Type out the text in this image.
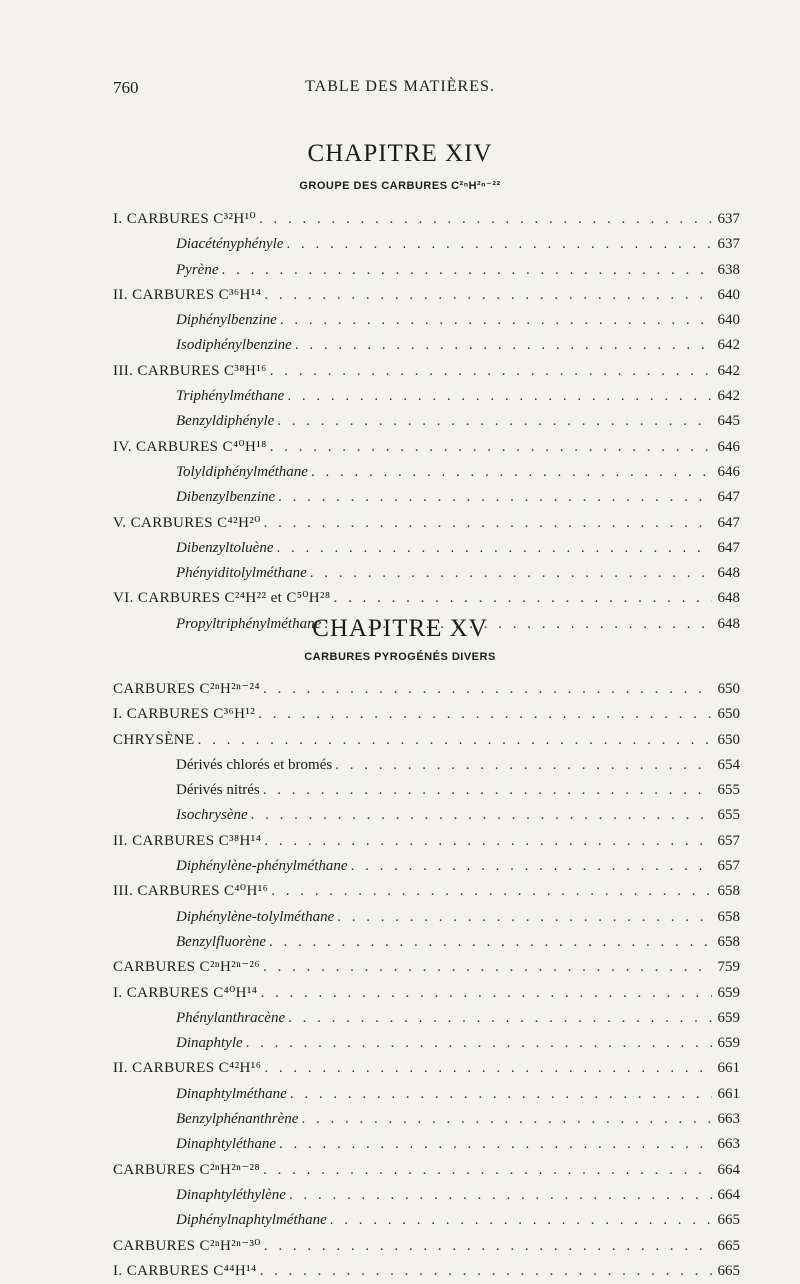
760	TABLE DES MATIÈRES.
CHAPITRE XIV
GROUPE DES CARBURES C²ⁿH²ⁿ⁻²²
I. CARBURES C³²H¹⁰ . . .	637
Diacétényphényle . . .	637
Pyrène . . .	638
II. CARBURES C³⁶H¹⁴ . . .	640
Diphénylbenzine . . .	640
Isodiphénylbenzine . . .	642
III. CARBURES C³⁸H¹⁶ . . .	642
Triphénylméthane . . .	642
Benzyldiphényle . . .	645
IV. CARBURES C⁴⁰H¹⁸ . . .	646
Tolyldiphénylméthane . . .	646
Dibenzylbenzine . . .	647
V. CARBURES C⁴²H²⁰ . . .	647
Dibenzyltoluène . . .	647
Phényiditolylméthane . . .	648
VI. CARBURES C²⁴H²² et C⁵⁰H²⁸ . . .	648
Propyltriphénylméthane . . .	648
CHAPITRE XV
CARBURES PYROGÉNÉS DIVERS
CARBURES C²ⁿH²ⁿ⁻²⁴ . . .	650
I. CARBURES C³⁶H¹² . . .	650
CHRYSÈNE . . .	650
Dérivés chlorés et bromés . . .	654
Dérivés nitrés . . .	655
Isochrysène . . .	655
II. CARBURES C³⁸H¹⁴ . . .	657
Diphénylène-phénylméthane . . .	657
III. CARBURES C⁴⁰H¹⁶ . . .	658
Diphénylène-tolylméthane . . .	658
Benzylfluorène . . .	658
CARBURES C²ⁿH²ⁿ⁻²⁶ . . .	759
I. CARBURES C⁴⁰H¹⁴ . . .	659
Phénylanthracène . . .	659
Dinaphtyle . . .	659
II. CARBURES C⁴²H¹⁶ . . .	661
Dinaphtylméthane . . .	661
Benzylphénanthrène . . .	663
Dinaphtyléthane . . .	663
CARBURES C²ⁿH²ⁿ⁻²⁸ . . .	664
Dinaphtyléthylène . . .	664
Diphénylnaphtylméthane . . .	665
CARBURES C²ⁿH²ⁿ⁻³⁰ . . .	665
I. CARBURES C⁴⁴H¹⁴ . . .	665
